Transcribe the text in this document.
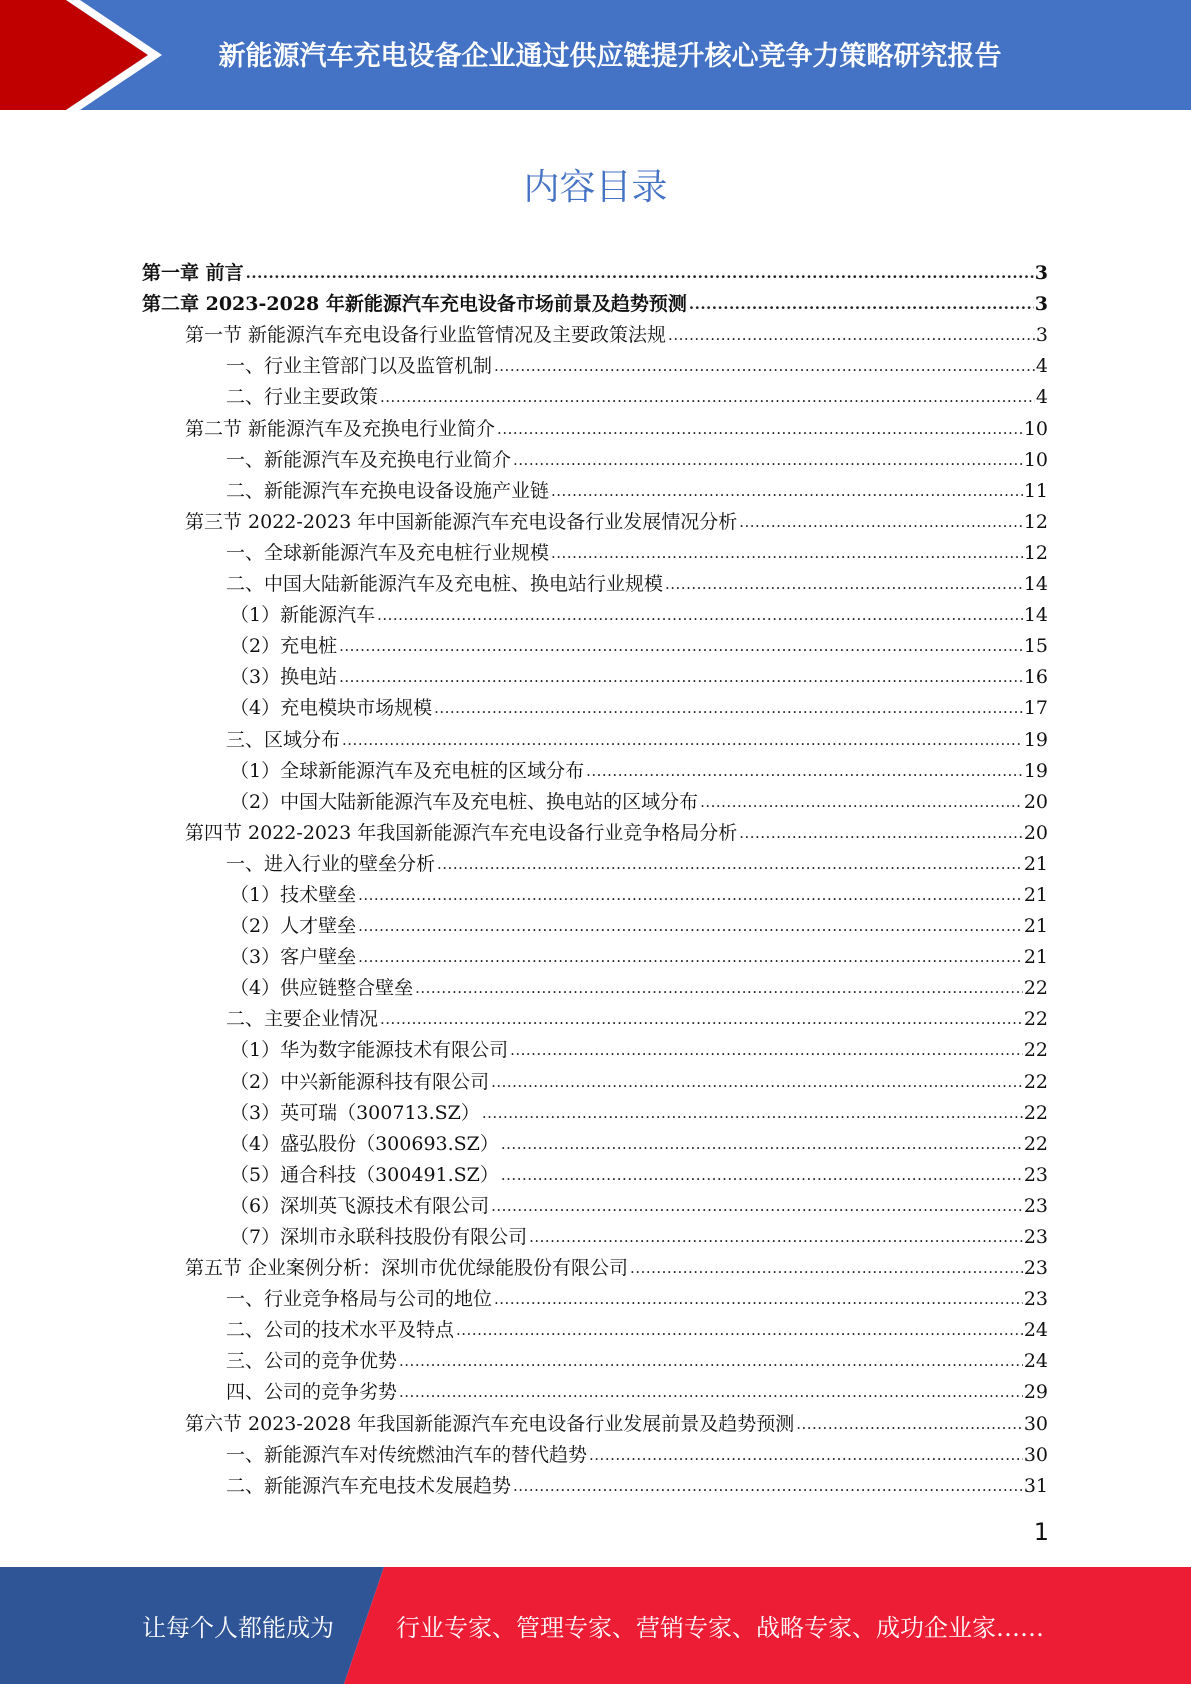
新能源汽车充电设备企业通过供应链提升核心竞争力策略研究报告
内容目录
第一章 前言 .....	3
第二章 2023-2028 年新能源汽车充电设备市场前景及趋势预测 .....	3
第一节 新能源汽车充电设备行业监管情况及主要政策法规 .....	3
一、行业主管部门以及监管机制 .....	4
二、行业主要政策 .....	4
第二节 新能源汽车及充换电行业简介 .....	10
一、新能源汽车及充换电行业简介 .....	10
二、新能源汽车充换电设备设施产业链 .....	11
第三节 2022-2023 年中国新能源汽车充电设备行业发展情况分析 .....	12
一、全球新能源汽车及充电桩行业规模 .....	12
二、中国大陆新能源汽车及充电桩、换电站行业规模 .....	14
（1）新能源汽车 .....	14
（2）充电桩 .....	15
（3）换电站 .....	16
（4）充电模块市场规模 .....	17
三、区域分布 .....	19
（1）全球新能源汽车及充电桩的区域分布 .....	19
（2）中国大陆新能源汽车及充电桩、换电站的区域分布 .....	20
第四节 2022-2023 年我国新能源汽车充电设备行业竞争格局分析 .....	20
一、进入行业的壁垒分析 .....	21
（1）技术壁垒 .....	21
（2）人才壁垒 .....	21
（3）客户壁垒 .....	21
（4）供应链整合壁垒 .....	22
二、主要企业情况 .....	22
（1）华为数字能源技术有限公司 .....	22
（2）中兴新能源科技有限公司 .....	22
（3）英可瑞（300713.SZ） .....	22
（4）盛弘股份（300693.SZ） .....	22
（5）通合科技（300491.SZ） .....	23
（6）深圳英飞源技术有限公司 .....	23
（7）深圳市永联科技股份有限公司 .....	23
第五节 企业案例分析：深圳市优优绿能股份有限公司 .....	23
一、行业竞争格局与公司的地位 .....	23
二、公司的技术水平及特点 .....	24
三、公司的竞争优势 .....	24
四、公司的竞争劣势 .....	29
第六节 2023-2028 年我国新能源汽车充电设备行业发展前景及趋势预测 .....	30
一、新能源汽车对传统燃油汽车的替代趋势 .....	30
二、新能源汽车充电技术发展趋势 .....	31
1
让每个人都能成为	行业专家、管理专家、营销专家、战略专家、成功企业家……
